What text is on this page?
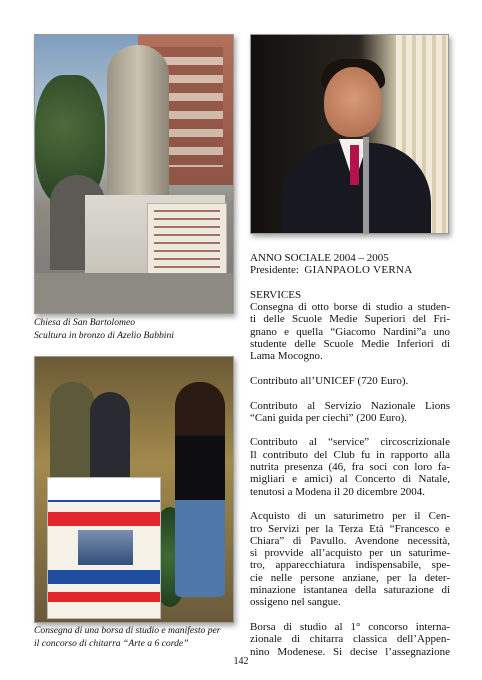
Chiesa di San Bartolomeo
Scultura in bronzo di Azelio Babbini
Consegna di una borsa di studio e manifesto per
il concorso di chitarra “Arte a 6 corde”
ANNO SOCIALE 2004 – 2005
Presidente: GIANPAOLO VERNA
SERVICES
Consegna di otto borse di studio a studen-
ti delle Scuole Medie Superiori del Fri-
gnano e quella “Giacomo Nardini”a uno
studente delle Scuole Medie Inferiori di
Lama Mocogno.
Contributo all’UNICEF (720 Euro).
Contributo al Servizio Nazionale Lions
“Cani guida per ciechi” (200 Euro).
Contributo al “service” circoscrizionale
Il contributo del Club fu in rapporto alla
nutrita presenza (46, fra soci con loro fa-
migliari e amici) al Concerto di Natale,
tenutosi a Modena il 20 dicembre 2004.
Acquisto di un saturimetro per il Cen-
tro Servizi per la Terza Età “Francesco e
Chiara” di Pavullo. Avendone necessità,
si provvide all’acquisto per un saturime-
tro, apparecchiatura indispensabile, spe-
cie nelle persone anziane, per la deter-
minazione istantanea della saturazione di
ossigeno nel sangue.
Borsa di studio al 1° concorso interna-
zionale di chitarra classica dell’Appen-
nino Modenese. Si decise l’assegnazione
142
